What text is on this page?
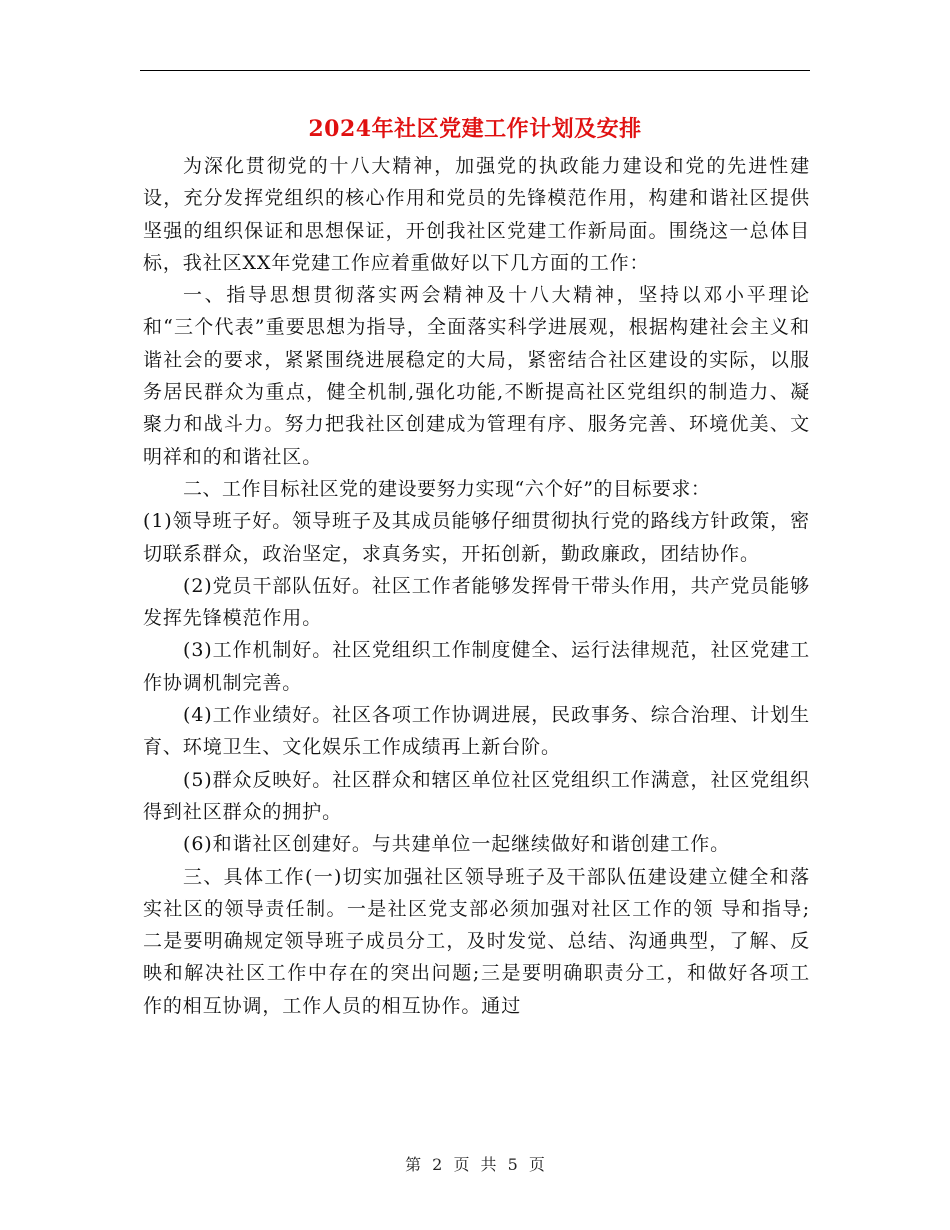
2024年社区党建工作计划及安排

为深化贯彻党的十八大精神，加强党的执政能力建设和党的先进性建设，充分发挥党组织的核心作用和党员的先锋模范作用，构建和谐社区提供坚强的组织保证和思想保证，开创我社区党建工作新局面。围绕这一总体目标，我社区XX年党建工作应着重做好以下几方面的工作：

一、指导思想贯彻落实两会精神及十八大精神，坚持以邓小平理论和“三个代表”重要思想为指导，全面落实科学进展观，根据构建社会主义和谐社会的要求，紧紧围绕进展稳定的大局，紧密结合社区建设的实际，以服务居民群众为重点，健全机制,强化功能,不断提高社区党组织的制造力、凝聚力和战斗力。努力把我社区创建成为管理有序、服务完善、环境优美、文明祥和的和谐社区。

二、工作目标社区党的建设要努力实现“六个好”的目标要求：

(1)领导班子好。领导班子及其成员能够仔细贯彻执行党的路线方针政策，密 切联系群众，政治坚定，求真务实，开拓创新，勤政廉政，团结协作。

(2)党员干部队伍好。社区工作者能够发挥骨干带头作用，共产党员能够发挥先锋模范作用。

(3)工作机制好。社区党组织工作制度健全、运行法律规范，社区党建工作协调机制完善。

(4)工作业绩好。社区各项工作协调进展，民政事务、综合治理、计划生育、环境卫生、文化娱乐工作成绩再上新台阶。

(5)群众反映好。社区群众和辖区单位社区党组织工作满意，社区党组织得到社区群众的拥护。

(6)和谐社区创建好。与共建单位一起继续做好和谐创建工作。

三、具体工作(一)切实加强社区领导班子及干部队伍建设建立健全和落实社区的领导责任制。一是社区党支部必须加强对社区工作的领 导和指导;二是要明确规定领导班子成员分工，及时发觉、总结、沟通典型，了解、反映和解决社区工作中存在的突出问题;三是要明确职责分工，和做好各项工 作的相互协调，工作人员的相互协作。通过

第 2 页 共 5 页
